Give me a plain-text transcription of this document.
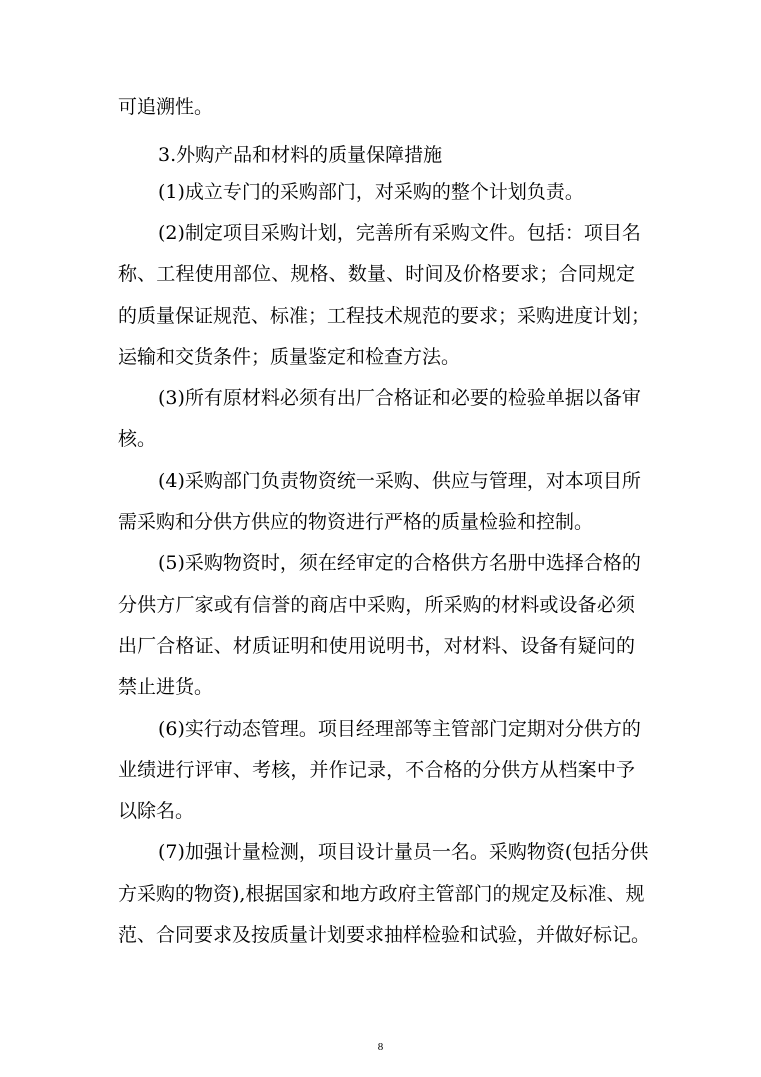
可追溯性。
3.外购产品和材料的质量保障措施
(1)成立专门的采购部门，对采购的整个计划负责。
(2)制定项目采购计划，完善所有采购文件。包括：项目名
称、工程使用部位、规格、数量、时间及价格要求；合同规定
的质量保证规范、标准；工程技术规范的要求；采购进度计划；
运输和交货条件；质量鉴定和检查方法。
(3)所有原材料必须有出厂合格证和必要的检验单据以备审
核。
(4)采购部门负责物资统一采购、供应与管理，对本项目所
需采购和分供方供应的物资进行严格的质量检验和控制。
(5)采购物资时，须在经审定的合格供方名册中选择合格的
分供方厂家或有信誉的商店中采购，所采购的材料或设备必须
出厂合格证、材质证明和使用说明书，对材料、设备有疑问的
禁止进货。
(6)实行动态管理。项目经理部等主管部门定期对分供方的
业绩进行评审、考核，并作记录，不合格的分供方从档案中予
以除名。
(7)加强计量检测，项目设计量员一名。采购物资(包括分供
方采购的物资),根据国家和地方政府主管部门的规定及标准、规
范、合同要求及按质量计划要求抽样检验和试验，并做好标记。
8
